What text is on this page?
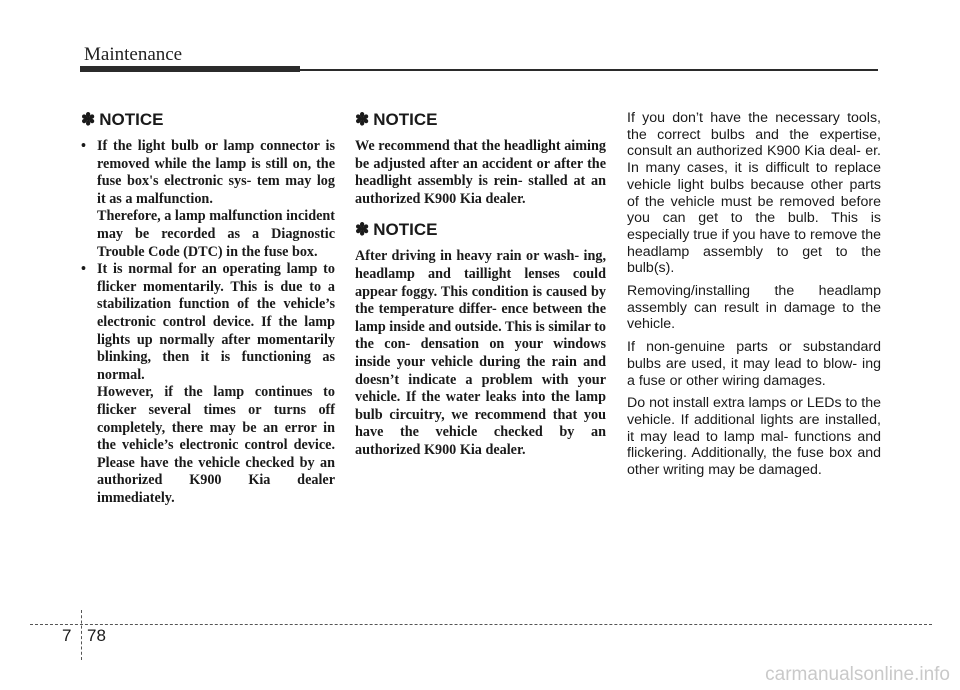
Maintenance
✽ NOTICE
• If the light bulb or lamp connector is removed while the lamp is still on, the fuse box's electronic sys- tem may log it as a malfunction.
Therefore, a lamp malfunction incident may be recorded as a Diagnostic Trouble Code (DTC) in the fuse box.
• It is normal for an operating lamp to flicker momentarily. This is due to a stabilization function of the vehicle’s electronic control device. If the lamp lights up normally after momentarily blinking, then it is functioning as normal.
However, if the lamp continues to flicker several times or turns off completely, there may be an error in the vehicle’s electronic control device. Please have the vehicle checked by an authorized K900 Kia dealer immediately.
✽ NOTICE

We recommend that the headlight aiming be adjusted after an accident or after the headlight assembly is rein- stalled at an authorized K900 Kia dealer.

✽ NOTICE

After driving in heavy rain or wash- ing, headlamp and taillight lenses could appear foggy. This condition is caused by the temperature differ- ence between the lamp inside and outside. This is similar to the con- densation on your windows inside your vehicle during the rain and doesn’t indicate a problem with your vehicle. If the water leaks into the lamp bulb circuitry, we recommend that you have the vehicle checked by an authorized K900 Kia dealer.

If you don’t have the necessary tools, the correct bulbs and the expertise, consult an authorized K900 Kia deal- er. In many cases, it is difficult to replace vehicle light bulbs because other parts of the vehicle must be removed before you can get to the bulb. This is especially true if you have to remove the headlamp assembly to get to the bulb(s).

Removing/installing the headlamp assembly can result in damage to the vehicle.

If non-genuine parts or substandard bulbs are used, it may lead to blow- ing a fuse or other wiring damages.

Do not install extra lamps or LEDs to the vehicle. If additional lights are installed, it may lead to lamp mal- functions and flickering. Additionally, the fuse box and other writing may be damaged.

7 78
carmanualsonline.info
